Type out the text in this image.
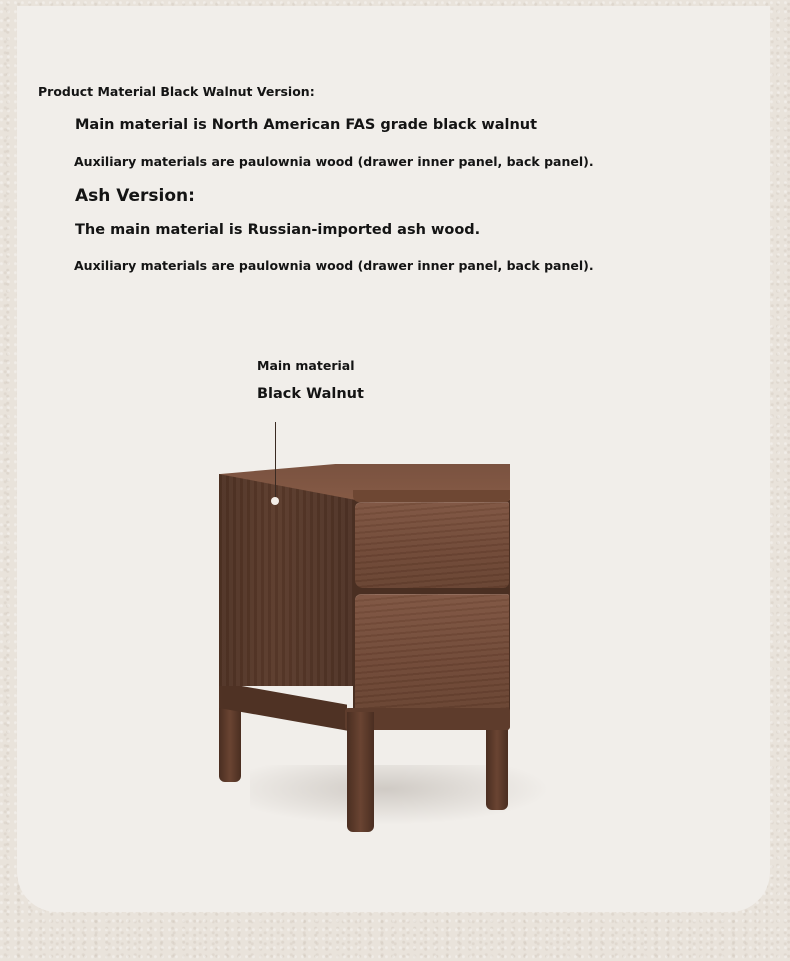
Product Material Black Walnut Version:
Main material is North American FAS grade black walnut
Auxiliary materials are paulownia wood (drawer inner panel, back panel).
Ash Version:
The main material is Russian-imported ash wood.
Auxiliary materials are paulownia wood (drawer inner panel, back panel).
Main material
Black Walnut
